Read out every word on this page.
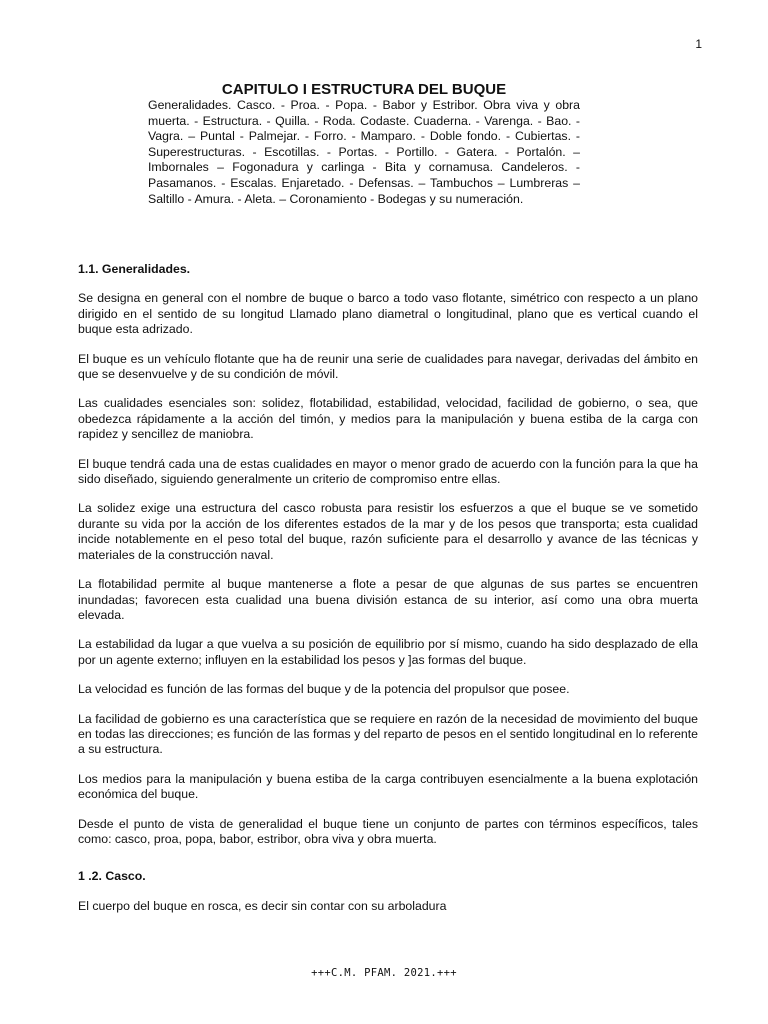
1
CAPITULO I ESTRUCTURA DEL BUQUE

Generalidades. Casco. - Proa. - Popa. - Babor y Estribor. Obra viva y obra muerta. - Estructura. - Quilla. - Roda. Codaste. Cuaderna. - Varenga. - Bao. - Vagra. – Puntal - Palmejar. - Forro. - Mamparo. - Doble fondo. - Cubiertas. - Superestructuras. - Escotillas. - Portas. - Portillo. - Gatera. - Portalón. – Imbornales – Fogonadura y carlinga - Bita y cornamusa. Candeleros. - Pasamanos. - Escalas. Enjaretado. - Defensas. – Tambuchos – Lumbreras – Saltillo - Amura. - Aleta. – Coronamiento - Bodegas y su numeración.

1.1. Generalidades.

Se designa en general con el nombre de buque o barco a todo vaso flotante, simétrico con respecto a un plano dirigido en el sentido de su longitud Llamado plano diametral o longitudinal, plano que es vertical cuando el buque esta adrizado.

El buque es un vehículo flotante que ha de reunir una serie de cualidades para navegar, derivadas del ámbito en que se desenvuelve y de su condición de móvil.

Las cualidades esenciales son: solidez, flotabilidad, estabilidad, velocidad, facilidad de gobierno, o sea, que obedezca rápidamente a la acción del timón, y medios para la manipulación y buena estiba de la carga con rapidez y sencillez de maniobra.

El buque tendrá cada una de estas cualidades en mayor o menor grado de acuerdo con la función para la que ha sido diseñado, siguiendo generalmente un criterio de compromiso entre ellas.

La solidez exige una estructura del casco robusta para resistir los esfuerzos a que el buque se ve sometido durante su vida por la acción de los diferentes estados de la mar y de los pesos que transporta; esta cualidad incide notablemente en el peso total del buque, razón suficiente para el desarrollo y avance de las técnicas y materiales de la construcción naval.

La flotabilidad permite al buque mantenerse a flote a pesar de que algunas de sus partes se encuentren inundadas; favorecen esta cualidad una buena división estanca de su interior, así como una obra muerta elevada.

La estabilidad da lugar a que vuelva a su posición de equilibrio por sí mismo, cuando ha sido desplazado de ella por un agente externo; influyen en la estabilidad los pesos y ]as formas del buque.

La velocidad es función de las formas del buque y de la potencia del propulsor que posee.

La facilidad de gobierno es una característica que se requiere en razón de la necesidad de movimiento del buque en todas las direcciones; es función de las formas y del reparto de pesos en el sentido longitudinal en lo referente a su estructura.

Los medios para la manipulación y buena estiba de la carga contribuyen esencialmente a la buena explotación económica del buque.

Desde el punto de vista de generalidad el buque tiene un conjunto de partes con términos específicos, tales como: casco, proa, popa, babor, estribor, obra viva y obra muerta.

1 .2. Casco.

El cuerpo del buque en rosca, es decir sin contar con su arboladura

+++C.M. PFAM. 2021.+++
